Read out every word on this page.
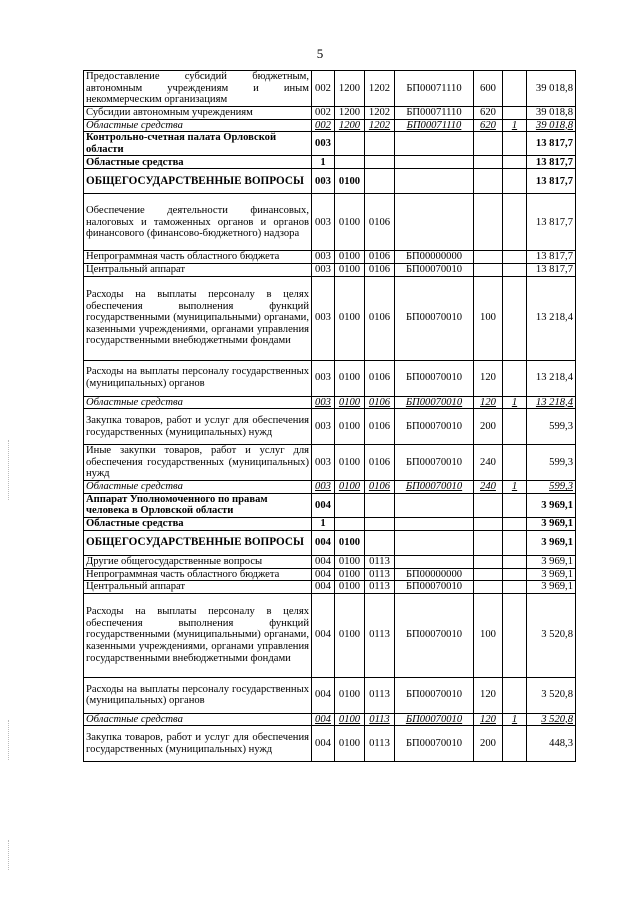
5
Предоставление субсидий бюджетным, автономным учреждениям и иным некоммерческим организациям	002	1200	1202	БП00071110	600		39 018,8
Субсидии автономным учреждениям	002	1200	1202	БП00071110	620		39 018,8
Областные средства	002	1200	1202	БП00071110	620	1	39 018,8
Контрольно-счетная палата Орловской области	003						13 817,7
Областные средства	1						13 817,7
ОБЩЕГОСУДАРСТВЕННЫЕ ВОПРОСЫ	003	0100					13 817,7
Обеспечение деятельности финансовых, налоговых и таможенных органов и органов финансового (финансово-бюджетного) надзора	003	0100	0106				13 817,7
Непрограммная часть областного бюджета	003	0100	0106	БП00000000			13 817,7
Центральный аппарат	003	0100	0106	БП00070010			13 817,7
Расходы на выплаты персоналу в целях обеспечения выполнения функций государственными (муниципальными) органами, казенными учреждениями, органами управления государственными внебюджетными фондами	003	0100	0106	БП00070010	100		13 218,4
Расходы на выплаты персоналу государственных (муниципальных) органов	003	0100	0106	БП00070010	120		13 218,4
Областные средства	003	0100	0106	БП00070010	120	1	13 218,4
Закупка товаров, работ и услуг для обеспечения государственных (муниципальных) нужд	003	0100	0106	БП00070010	200		599,3
Иные закупки товаров, работ и услуг для обеспечения государственных (муниципальных) нужд	003	0100	0106	БП00070010	240		599,3
Областные средства	003	0100	0106	БП00070010	240	1	599,3
Аппарат Уполномоченного по правам человека в Орловской области	004						3 969,1
Областные средства	1						3 969,1
ОБЩЕГОСУДАРСТВЕННЫЕ ВОПРОСЫ	004	0100					3 969,1
Другие общегосударственные вопросы	004	0100	0113				3 969,1
Непрограммная часть областного бюджета	004	0100	0113	БП00000000			3 969,1
Центральный аппарат	004	0100	0113	БП00070010			3 969,1
Расходы на выплаты персоналу в целях обеспечения выполнения функций государственными (муниципальными) органами, казенными учреждениями, органами управления государственными внебюджетными фондами	004	0100	0113	БП00070010	100		3 520,8
Расходы на выплаты персоналу государственных (муниципальных) органов	004	0100	0113	БП00070010	120		3 520,8
Областные средства	004	0100	0113	БП00070010	120	1	3 520,8
Закупка товаров, работ и услуг для обеспечения государственных (муниципальных) нужд	004	0100	0113	БП00070010	200		448,3
